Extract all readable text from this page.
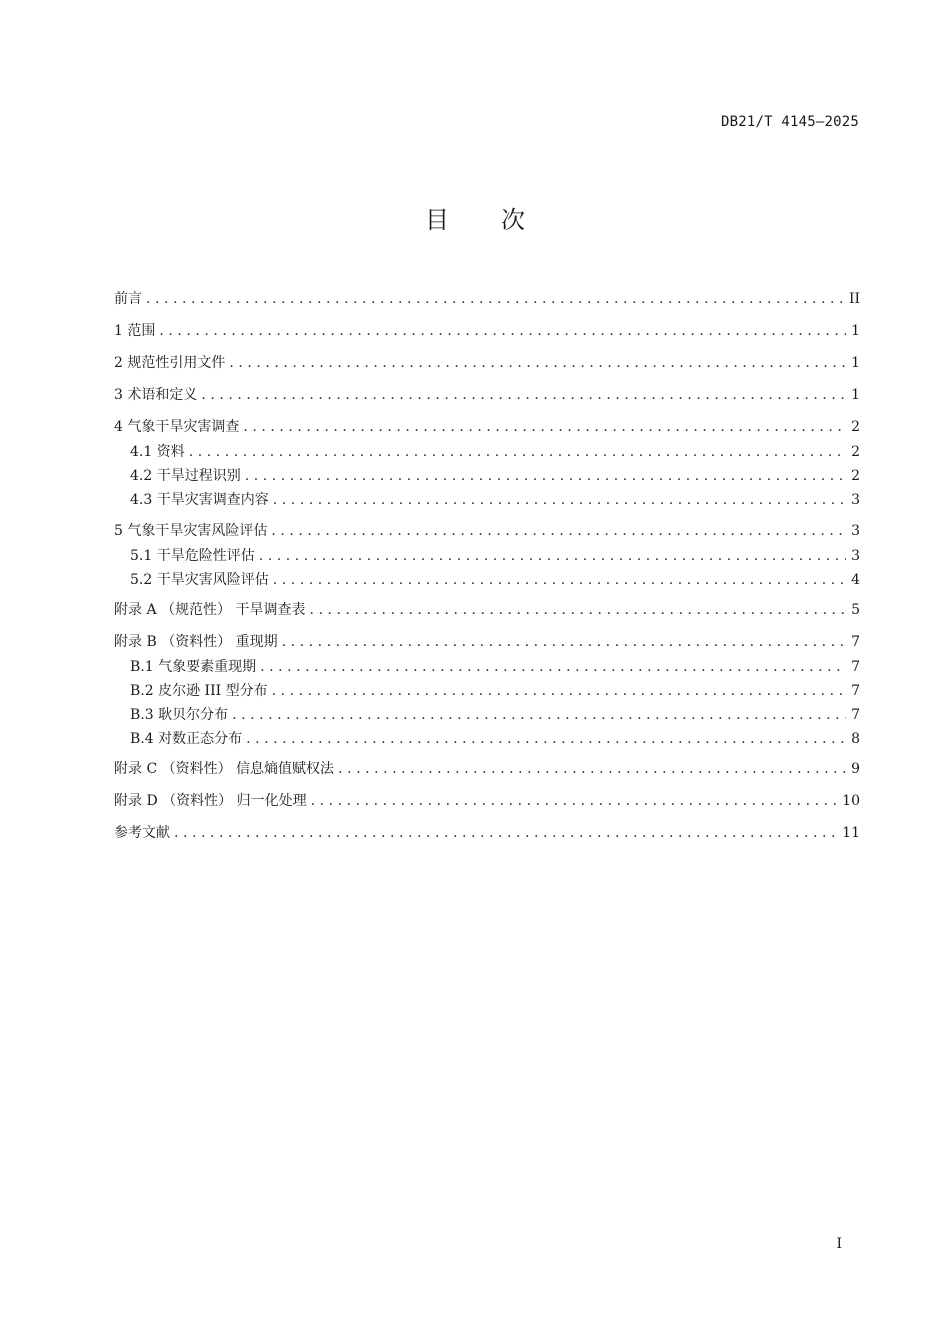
DB21/T 4145—2025
目 次
前言 . . .	II
1 范围 . . .	1
2 规范性引用文件 . . .	1
3 术语和定义 . . .	1
4 气象干旱灾害调查 . . .	2
4.1 资料 . . .	2
4.2 干旱过程识别 . . .	2
4.3 干旱灾害调查内容 . . .	3
5 气象干旱灾害风险评估 . . .	3
5.1 干旱危险性评估 . . .	3
5.2 干旱灾害风险评估 . . .	4
附录 A （规范性） 干旱调查表 . . .	5
附录 B （资料性） 重现期 . . .	7
B.1 气象要素重现期 . . .	7
B.2 皮尔逊 III 型分布 . . .	7
B.3 耿贝尔分布 . . .	7
B.4 对数正态分布 . . .	8
附录 C （资料性） 信息熵值赋权法 . . .	9
附录 D （资料性） 归一化处理 . . .	10
参考文献 . . .	11
I
